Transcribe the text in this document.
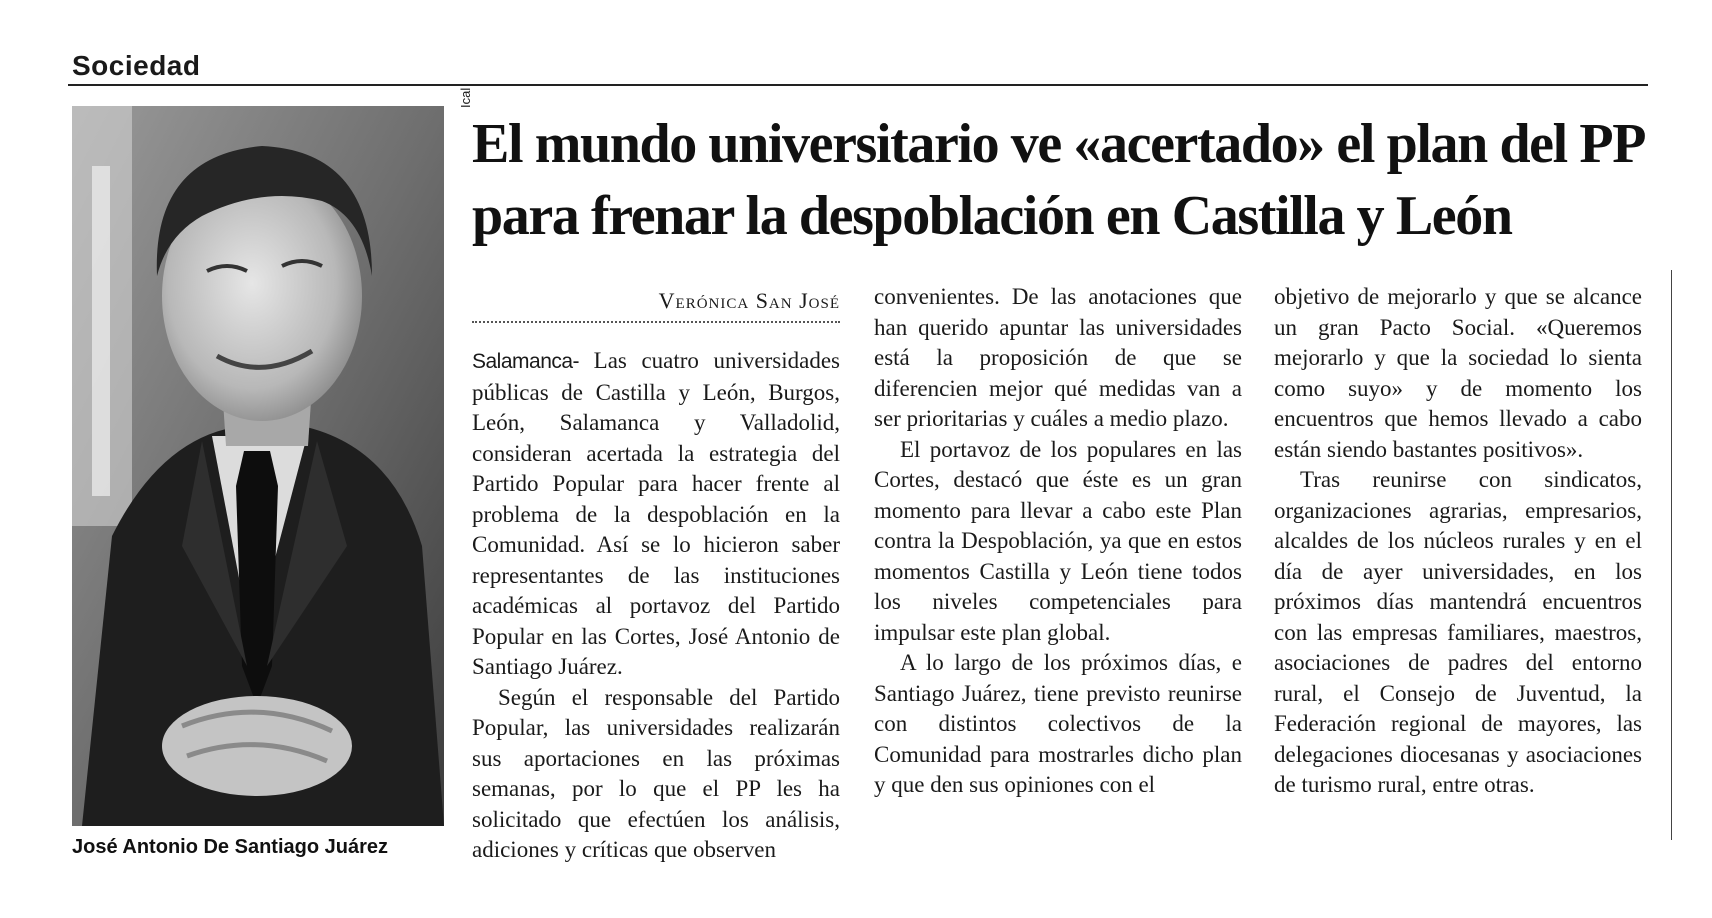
Sociedad
Ical
José Antonio De Santiago Juárez
El mundo universitario ve «acertado» el plan del PP para frenar la despoblación en Castilla y León
Verónica San José

Salamanca- Las cuatro universidades públicas de Castilla y León, Burgos, León, Salamanca y Valladolid, consideran acertada la estrategia del Partido Popular para hacer frente al problema de la despoblación en la Comunidad. Así se lo hicieron saber representantes de las instituciones académicas al portavoz del Partido Popular en las Cortes, José Antonio de Santiago Juárez.

Según el responsable del Partido Popular, las universidades realizarán sus aportaciones en las próximas semanas, por lo que el PP les ha solicitado que efectúen los análisis, adiciones y críticas que observen

convenientes. De las anotaciones que han querido apuntar las universidades está la proposición de que se diferencien mejor qué medidas van a ser prioritarias y cuáles a medio plazo.

El portavoz de los populares en las Cortes, destacó que éste es un gran momento para llevar a cabo este Plan contra la Despoblación, ya que en estos momentos Castilla y León tiene todos los niveles competenciales para impulsar este plan global.

A lo largo de los próximos días, e Santiago Juárez, tiene previsto reunirse con distintos colectivos de la Comunidad para mostrarles dicho plan y que den sus opiniones con el

objetivo de mejorarlo y que se alcance un gran Pacto Social. «Queremos mejorarlo y que la sociedad lo sienta como suyo» y de momento los encuentros que hemos llevado a cabo están siendo bastantes positivos».

Tras reunirse con sindicatos, organizaciones agrarias, empresarios, alcaldes de los núcleos rurales y en el día de ayer universidades, en los próximos días mantendrá encuentros con las empresas familiares, maestros, asociaciones de padres del entorno rural, el Consejo de Juventud, la Federación regional de mayores, las delegaciones diocesanas y asociaciones de turismo rural, entre otras.
